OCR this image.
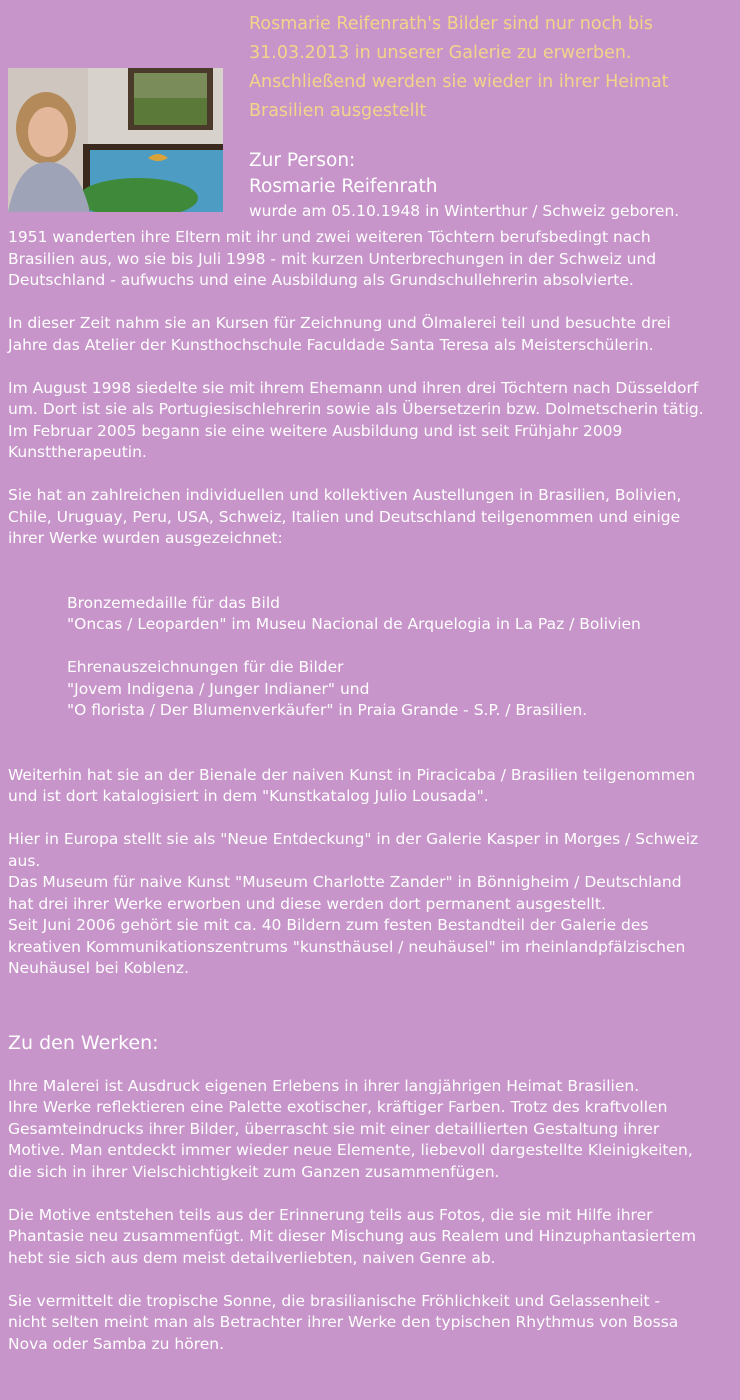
Rosmarie Reifenrath's Bilder sind nur noch bis
31.03.2013 in unserer Galerie zu erwerben.
Anschließend werden sie wieder in ihrer Heimat
Brasilien ausgestellt

Zur Person:
Rosmarie Reifenrath
wurde am 05.10.1948 in Winterthur / Schweiz geboren.

1951 wanderten ihre Eltern mit ihr und zwei weiteren Töchtern berufsbedingt nach
Brasilien aus, wo sie bis Juli 1998 - mit kurzen Unterbrechungen in der Schweiz und
Deutschland - aufwuchs und eine Ausbildung als Grundschullehrerin absolvierte.

In dieser Zeit nahm sie an Kursen für Zeichnung und Ölmalerei teil und besuchte drei
Jahre das Atelier der Kunsthochschule Faculdade Santa Teresa als Meisterschülerin.

Im August 1998 siedelte sie mit ihrem Ehemann und ihren drei Töchtern nach Düsseldorf
um. Dort ist sie als Portugiesischlehrerin sowie als Übersetzerin bzw. Dolmetscherin tätig.
Im Februar 2005 begann sie eine weitere Ausbildung und ist seit Frühjahr 2009
Kunsttherapeutin.

Sie hat an zahlreichen individuellen und kollektiven Austellungen in Brasilien, Bolivien,
Chile, Uruguay, Peru, USA, Schweiz, Italien und Deutschland teilgenommen und einige
ihrer Werke wurden ausgezeichnet:

Bronzemedaille für das Bild
"Oncas / Leoparden" im Museu Nacional de Arquelogia in La Paz / Bolivien

Ehrenauszeichnungen für die Bilder
"Jovem Indigena / Junger Indianer" und
"O florista / Der Blumenverkäufer" in Praia Grande - S.P. / Brasilien.

Weiterhin hat sie an der Bienale der naiven Kunst in Piracicaba / Brasilien teilgenommen
und ist dort katalogisiert in dem "Kunstkatalog Julio Lousada".

Hier in Europa stellt sie als "Neue Entdeckung" in der Galerie Kasper in Morges / Schweiz
aus.
Das Museum für naive Kunst "Museum Charlotte Zander" in Bönnigheim / Deutschland
hat drei ihrer Werke erworben und diese werden dort permanent ausgestellt.
Seit Juni 2006 gehört sie mit ca. 40 Bildern zum festen Bestandteil der Galerie des
kreativen Kommunikationszentrums "kunsthäusel / neuhäusel" im rheinlandpfälzischen
Neuhäusel bei Koblenz.

Zu den Werken:

Ihre Malerei ist Ausdruck eigenen Erlebens in ihrer langjährigen Heimat Brasilien.
Ihre Werke reflektieren eine Palette exotischer, kräftiger Farben. Trotz des kraftvollen
Gesamteindrucks ihrer Bilder, überrascht sie mit einer detaillierten Gestaltung ihrer
Motive. Man entdeckt immer wieder neue Elemente, liebevoll dargestellte Kleinigkeiten,
die sich in ihrer Vielschichtigkeit zum Ganzen zusammenfügen.

Die Motive entstehen teils aus der Erinnerung teils aus Fotos, die sie mit Hilfe ihrer
Phantasie neu zusammenfügt. Mit dieser Mischung aus Realem und Hinzuphantasiertem
hebt sie sich aus dem meist detailverliebten, naiven Genre ab.

Sie vermittelt die tropische Sonne, die brasilianische Fröhlichkeit und Gelassenheit -
nicht selten meint man als Betrachter ihrer Werke den typischen Rhythmus von Bossa
Nova oder Samba zu hören.
